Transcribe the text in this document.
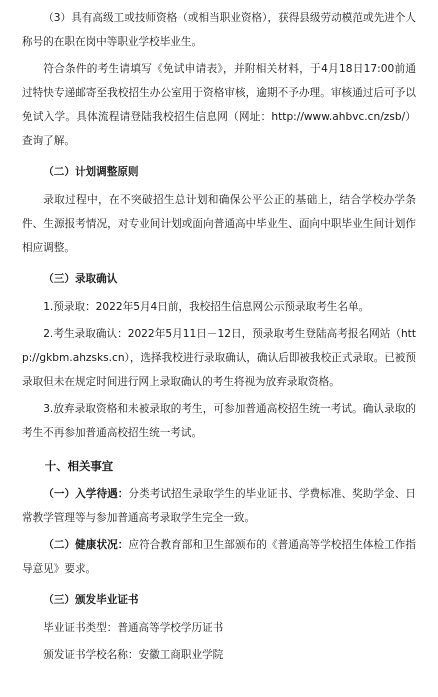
（3）具有高级工或技师资格（或相当职业资格），获得县级劳动模范或先进个人称号的在职在岗中等职业学校毕业生。

符合条件的考生请填写《免试申请表》，并附相关材料，于4月18日17:00前通过特快专递邮寄至我校招生办公室用于资格审核，逾期不予办理。审核通过后可予以免试入学。具体流程请登陆我校招生信息网（网址：http://www.ahbvc.cn/zsb/）查询了解。

（二）计划调整原则

录取过程中，在不突破招生总计划和确保公平公正的基础上，结合学校办学条件、生源报考情况，对专业间计划或面向普通高中毕业生、面向中职毕业生间计划作相应调整。

（三）录取确认

1.预录取：2022年5月4日前，我校招生信息网公示预录取考生名单。

2.考生录取确认：2022年5月11日－12日，预录取考生登陆高考报名网站（http://gkbm.ahzsks.cn），选择我校进行录取确认，确认后即被我校正式录取。已被预录取但未在规定时间进行网上录取确认的考生将视为放弃录取资格。

3.放弃录取资格和未被录取的考生，可参加普通高校招生统一考试。确认录取的考生不再参加普通高校招生统一考试。

十、相关事宜

（一）入学待遇：分类考试招生录取学生的毕业证书、学费标准、奖助学金、日常教学管理等与参加普通高考录取学生完全一致。

（二）健康状况：应符合教育部和卫生部颁布的《普通高等学校招生体检工作指导意见》要求。

（三）颁发毕业证书

毕业证书类型：普通高等学校学历证书

颁发证书学校名称：安徽工商职业学院
